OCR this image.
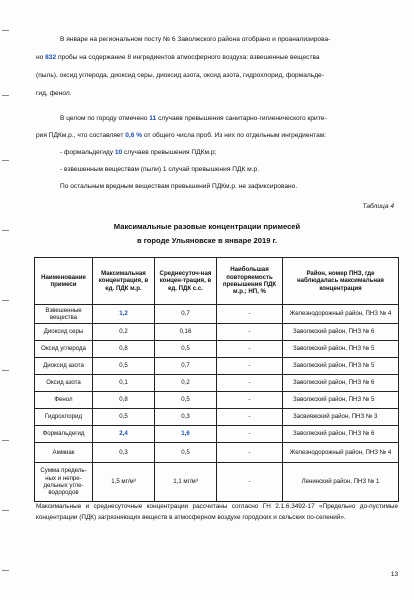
В январе на региональном посту № 6 Заволжского района отобрано и проанализирова-
но 832 пробы на содержание 8 ингредиентов атмосферного воздуха: взвешенные вещества
(пыль), оксид углерода, диоксид серы, диоксид азота, оксид азота, гидрохлорид, формальде-
гид, фенол.
В целом по городу отмечено 11 случаев превышения санитарно-гигиенического крите-
рия ПДКм.р., что составляет 0,6 % от общего числа проб. Из них по отдельным ингредиентам:
- формальдегиду 10 случаев превышения ПДКм.р;
- взвешенным веществам (пыли) 1 случай превышения ПДК м.р.
По остальным вредным веществам превышений ПДКм.р. не зафиксировано.
Таблица 4
Максимальные разовые концентрации примесей
в городе Ульяновске в январе 2019 г.
Наименование примеси	Максимальная концентрация, в ед. ПДК м.р.	Среднесуточ-ная концен-трация, в ед. ПДК с.с.	Наибольшая повторяемость превышения ПДК м.р.; НП, %	Район, номер ПНЗ, где наблюдалась максимальная концентрация
Взвешенные вещества	1,2	0,7	-	Железнодорожный район, ПНЗ № 4
Диоксид серы	0,2	0,16	-	Заволжский район, ПНЗ № 6
Оксид углерода	0,8	0,5	-	Заволжский район, ПНЗ № 5
Диоксид азота	0,5	0,7	-	Заволжский район, ПНЗ № 5
Оксид азота	0,1	0,2	-	Заволжский район, ПНЗ № 6
Фенол	0,8	0,5	-	Заволжский район, ПНЗ № 5
Гидрохлорид	0,5	0,3	-	Засвияжский район, ПНЗ № 3
Формальдегид	2,4	1,6	-	Заволжский район, ПНЗ № 6
Аммиак	0,3	0,5	-	Железнодорожный район, ПНЗ № 4
Сумма предель-ных и непре-дельных угле-водородов	1,5 мг/м³	1,1 мг/м³	-	Ленинский район, ПНЗ № 1
Максимальные и среднесуточные концентрации рассчитаны согласно ГН 2.1.6.3492-17 «Предельно до-пустимые концентрации (ПДК) загрязняющих веществ в атмосферном воздухе городских и сельских по-селений».
13
